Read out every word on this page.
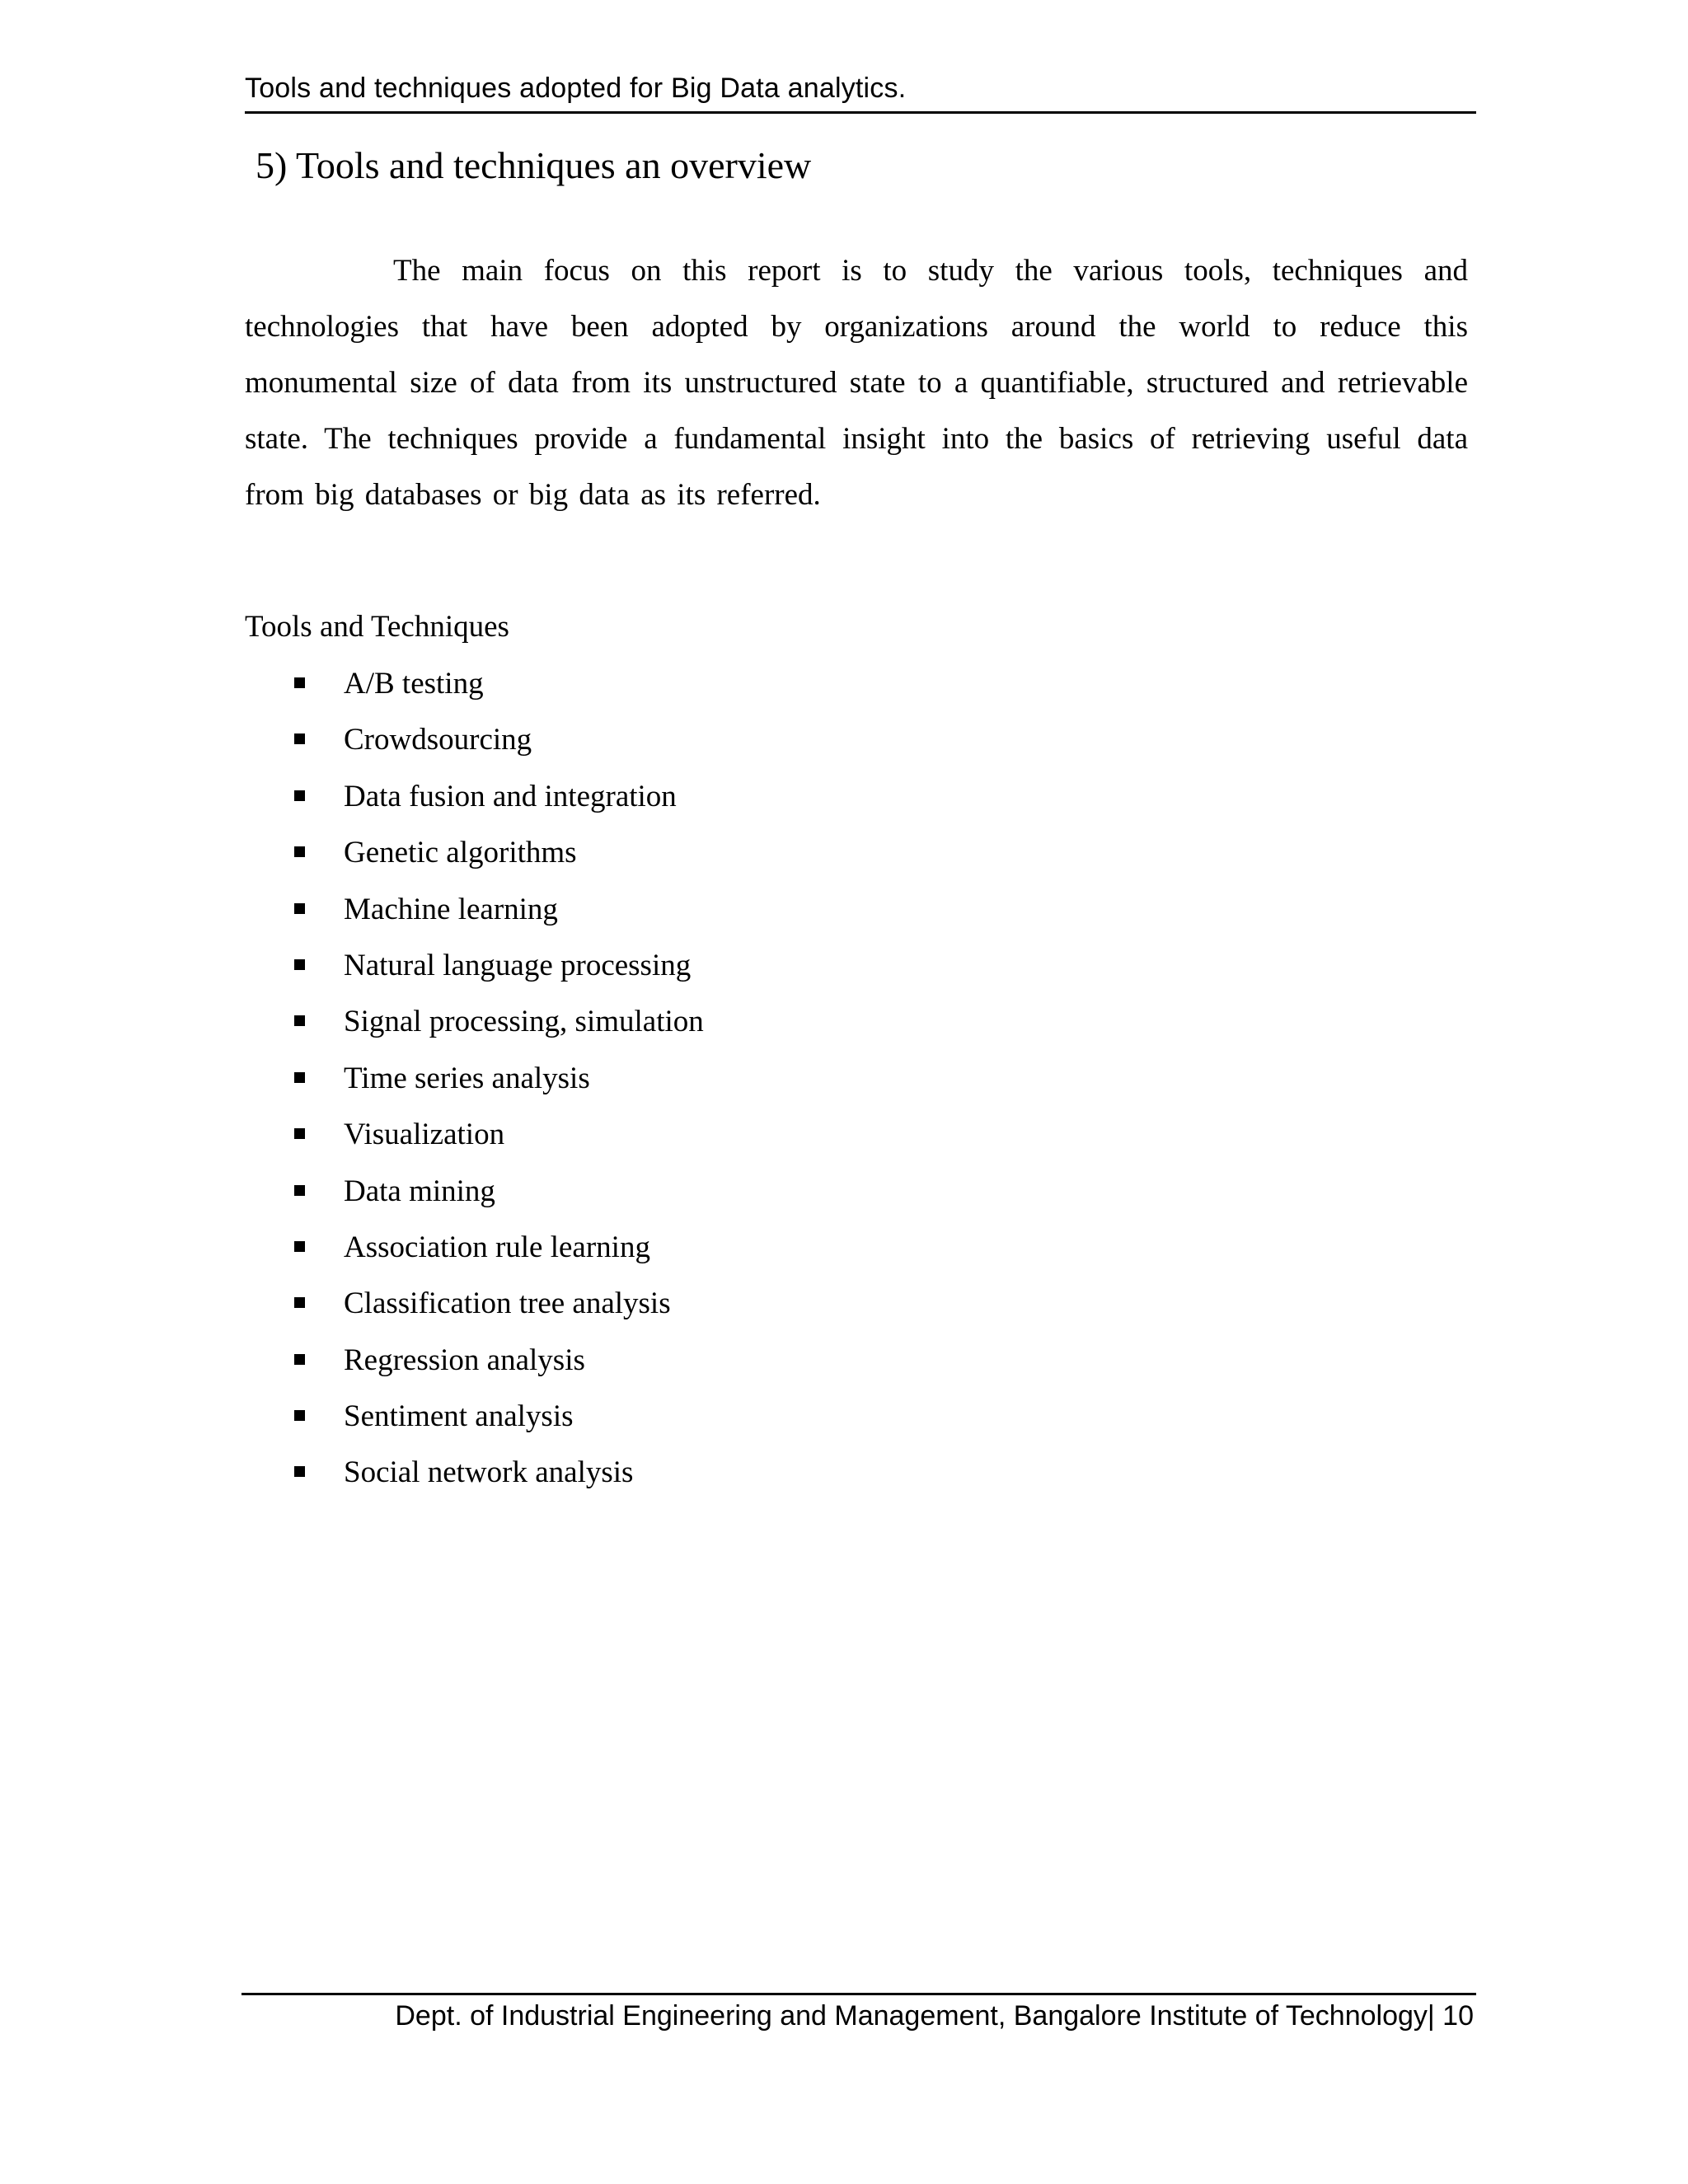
Tools and techniques adopted for Big Data analytics.
5) Tools and techniques an overview

The main focus on this report is to study the various tools, techniques and technologies that have been adopted by organizations around the world to reduce this monumental size of data from its unstructured state to a quantifiable, structured and retrievable state. The techniques provide a fundamental insight into the basics of retrieving useful data from big databases or big data as its referred.

Tools and Techniques
A/B testing
Crowdsourcing
Data fusion and integration
Genetic algorithms
Machine learning
Natural language processing
Signal processing, simulation
Time series analysis
Visualization
Data mining
Association rule learning
Classification tree analysis
Regression analysis
Sentiment analysis
Social network analysis
Dept. of Industrial Engineering and Management, Bangalore Institute of Technology| 10
